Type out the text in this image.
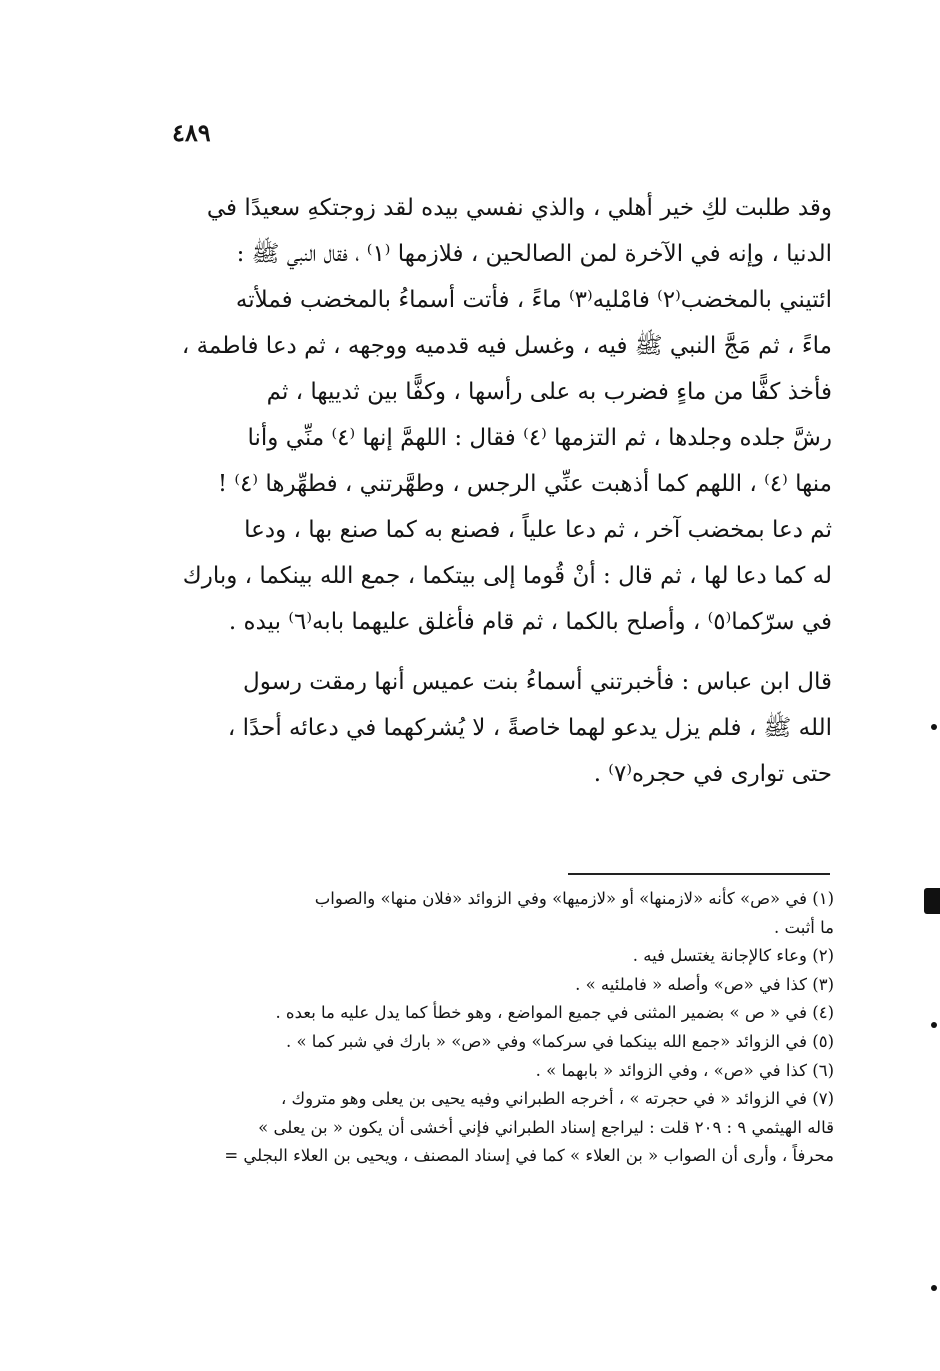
٤٨٩
وقد طلبت لكِ خير أهلي ، والذي نفسي بيده لقد زوجتكهِ سعيدًا في
الدنيا ، وإنه في الآخرة لمن الصالحين ، فلازمها ⁽١⁾ ، فقال النبي ﷺ :
ائتيني بالمخضب⁽٢⁾ فامْليه⁽٣⁾ ماءً ، فأتت أسماءُ بالمخضب فملأته
ماءً ، ثم مَجَّ النبي ﷺ فيه ، وغسل فيه قدميه ووجهه ، ثم دعا فاطمة ،
فأخذ كفًّا من ماءٍ فضرب به على رأسها ، وكفًّا بين ثدييها ، ثم
رشَّ جلده وجلدها ، ثم التزمها ⁽٤⁾ فقال : اللهمَّ إنها ⁽٤⁾ منِّي وأنا
منها ⁽٤⁾ ، اللهم كما أذهبت عنِّي الرجس ، وطهَّرتني ، فطهِّرها ⁽٤⁾ !
ثم دعا بمخضب آخر ، ثم دعا علياً ، فصنع به كما صنع بها ، ودعا
له كما دعا لها ، ثم قال : أنْ قُوما إلى بيتكما ، جمع الله بينكما ، وبارك
في سرّكما⁽٥⁾ ، وأصلح بالكما ، ثم قام فأغلق عليهما بابه⁽٦⁾ بيده .
قال ابن عباس : فأخبرتني أسماءُ بنت عميس أنها رمقت رسول
الله ﷺ ، فلم يزل يدعو لهما خاصةً ، لا يُشركهما في دعائه أحدًا ،
حتى توارى في حجره⁽٧⁾ .
(١) في «ص» كأنه «لازمنها» أو «لازميها» وفي الزوائد «فلان منها» والصواب
ما أثبت .
(٢) وعاء كالإجانة يغتسل فيه .
(٣) كذا في «ص» وأصله « فاملئيه » .
(٤) في « ص » بضمير المثنى في جميع المواضع ، وهو خطأ كما يدل عليه ما بعده .
(٥) في الزوائد «جمع الله بينكما في سركما» وفي «ص» « بارك في شبر كما » .
(٦) كذا في «ص» ، وفي الزوائد « بابهما » .
(٧) في الزوائد « في حجرته » ، أخرجه الطبراني وفيه يحيى بن يعلى وهو متروك ،
قاله الهيثمي ٩ : ٢٠٩ قلت : ليراجع إسناد الطبراني فإني أخشى أن يكون « بن يعلى »
محرفاً ، وأرى أن الصواب « بن العلاء » كما في إسناد المصنف ، ويحيى بن العلاء البجلي =
